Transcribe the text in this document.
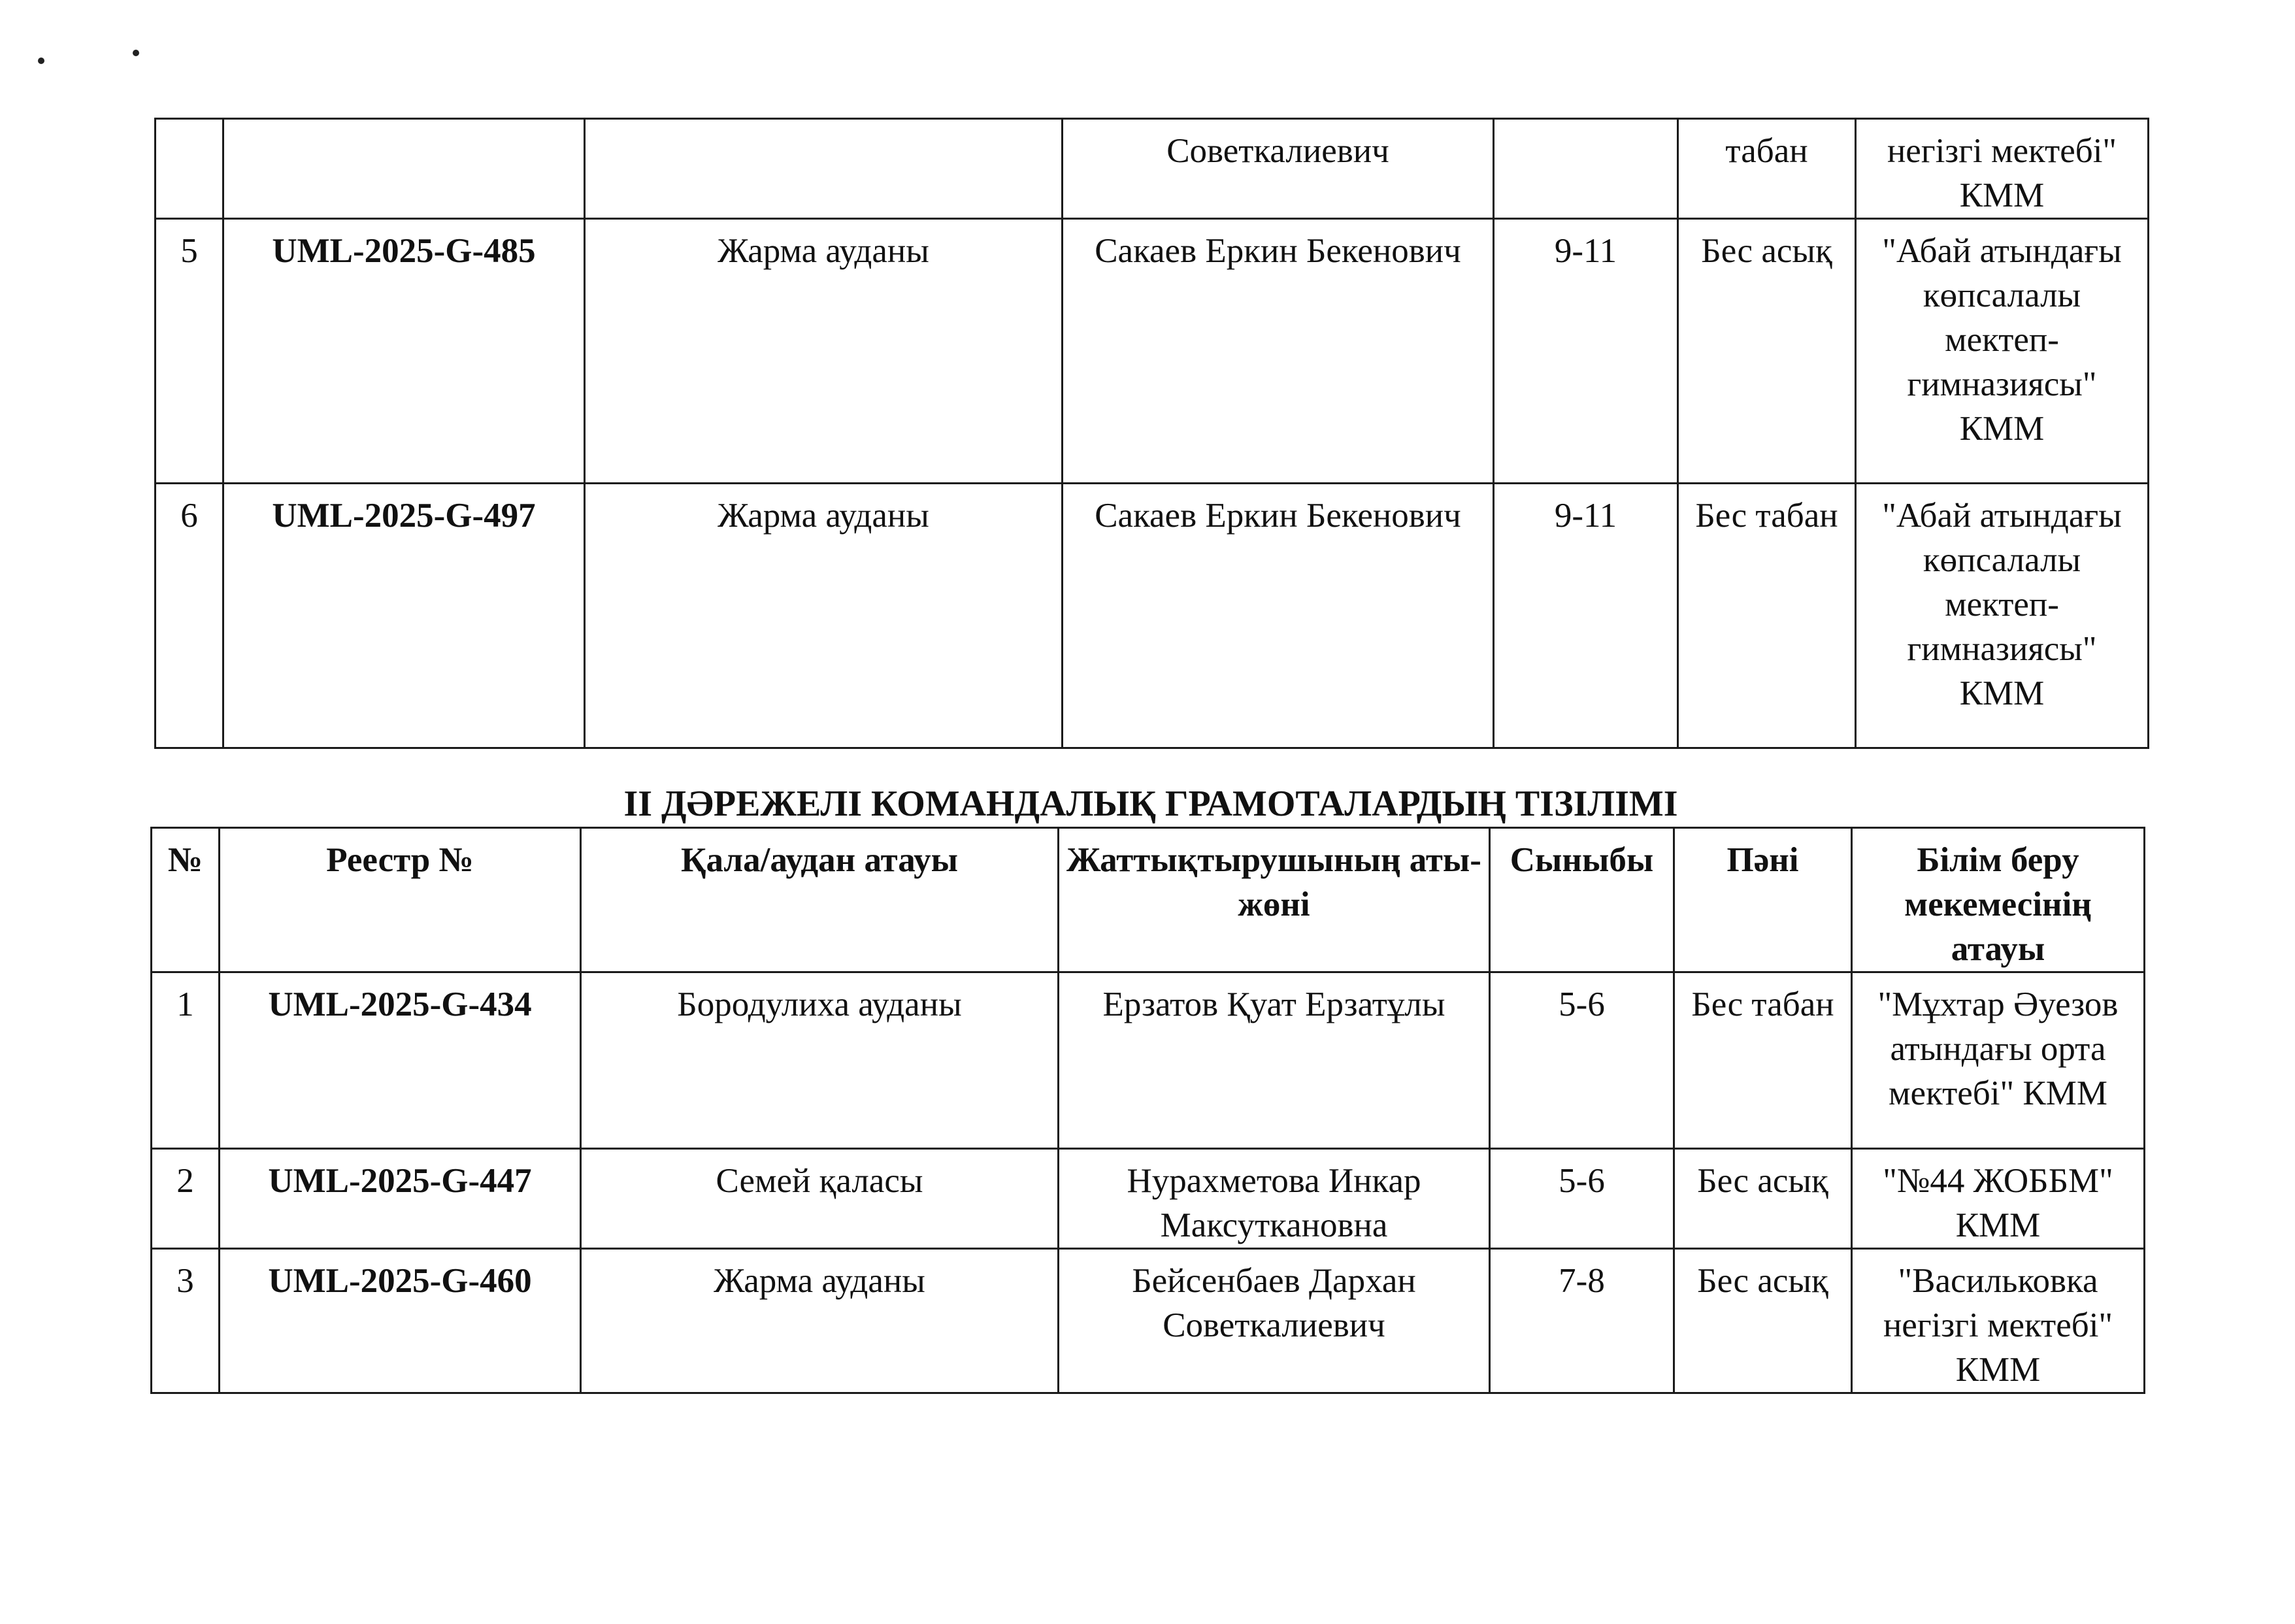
			Советкалиевич		табан	негізгі мектебі" КММ
5	UML-2025-G-485	Жарма ауданы	Сакаев Еркин Бекенович	9-11	Бес асық	"Абай атындағы көпсалалы мектеп-гимназиясы" КММ
6	UML-2025-G-497	Жарма ауданы	Сакаев Еркин Бекенович	9-11	Бес табан	"Абай атындағы көпсалалы мектеп-гимназиясы" КММ
II ДӘРЕЖЕЛІ КОМАНДАЛЫҚ ГРАМОТАЛАРДЫҢ ТІЗІЛІМІ
№	Реестр №	Қала/аудан атауы	Жаттықтырушының аты-жөні	Сыныбы	Пәні	Білім беру мекемесінің атауы
1	UML-2025-G-434	Бородулиха ауданы	Ерзатов Қуат Ерзатұлы	5-6	Бес табан	"Мұхтар Әуезов атындағы орта мектебі" КММ
2	UML-2025-G-447	Семей қаласы	Нурахметова Инкар Максуткановна	5-6	Бес асық	"№44 ЖОББМ" КММ
3	UML-2025-G-460	Жарма ауданы	Бейсенбаев Дархан Советкалиевич	7-8	Бес асық	"Васильковка негізгі мектебі" КММ
